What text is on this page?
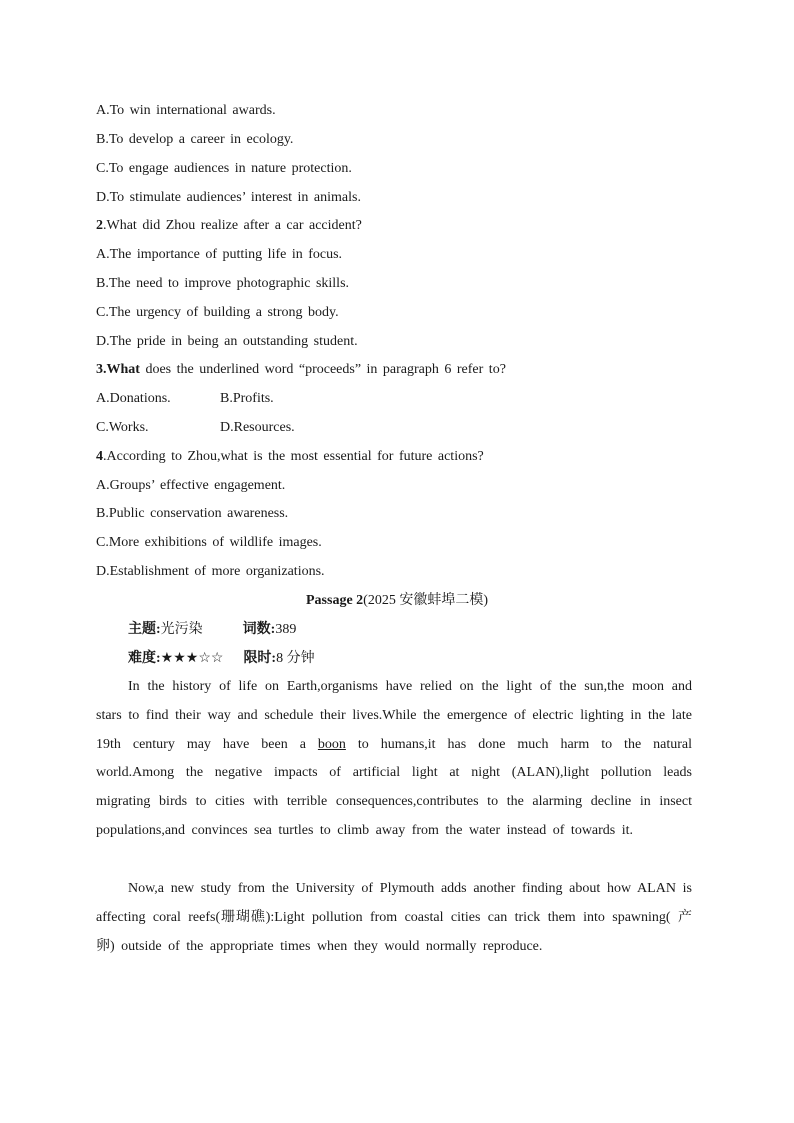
A.To win international awards.
B.To develop a career in ecology.
C.To engage audiences in nature protection.
D.To stimulate audiences’ interest in animals.
2.What did Zhou realize after a car accident?
A.The importance of putting life in focus.
B.The need to improve photographic skills.
C.The urgency of building a strong body.
D.The pride in being an outstanding student.
3.What does the underlined word “proceeds” in paragraph 6 refer to?
A.Donations.	B.Profits.
C.Works.	D.Resources.
4.According to Zhou,what is the most essential for future actions?
A.Groups’ effective engagement.
B.Public conservation awareness.
C.More exhibitions of wildlife images.
D.Establishment of more organizations.
Passage 2(2025 安徽蚌埠二模)
主题:光污染	词数:389
难度:★★★☆☆ 限时:8 分钟

In the history of life on Earth,organisms have relied on the light of the sun,the moon and stars to find their way and schedule their lives.While the emergence of electric lighting in the late 19th century may have been a boon to humans,it has done much harm to the natural world.Among the negative impacts of artificial light at night (ALAN),light pollution leads migrating birds to cities with terrible consequences,contributes to the alarming decline in insect populations,and convinces sea turtles to climb away from the water instead of towards it.

Now,a new study from the University of Plymouth adds another finding about how ALAN is affecting coral reefs(珊瑚礁):Light pollution from coastal cities can trick them into spawning( 产卵) outside of the appropriate times when they would normally reproduce.
